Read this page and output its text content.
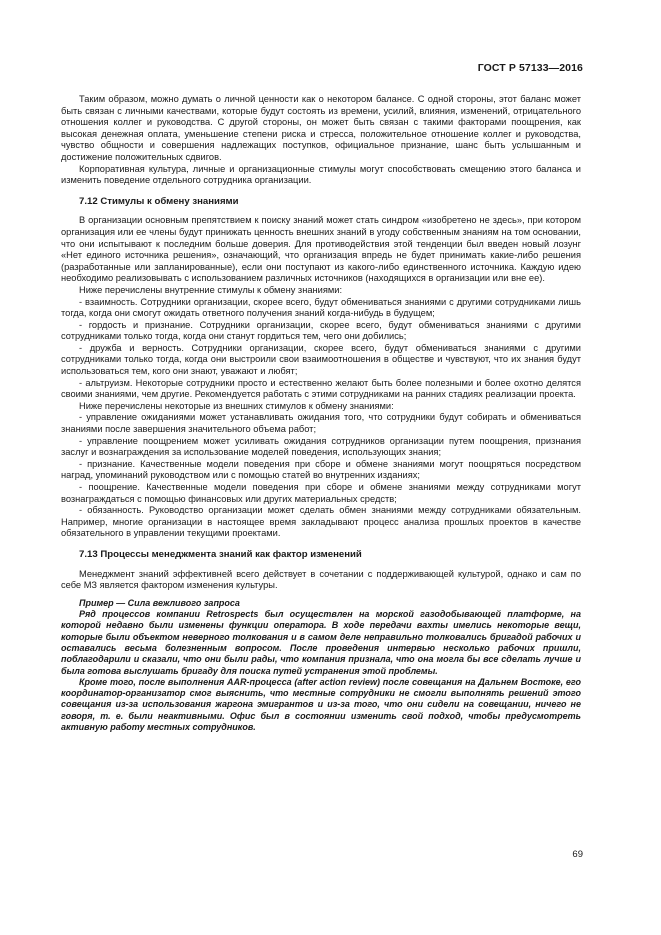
ГОСТ Р 57133—2016

Таким образом, можно думать о личной ценности как о некотором балансе. С одной стороны, этот баланс может быть связан с личными качествами, которые будут состоять из времени, усилий, влияния, изменений, отрицательного отношения коллег и руководства. С другой стороны, он может быть связан с такими факторами поощрения, как высокая денежная оплата, уменьшение степени риска и стресса, положительное отношение коллег и руководства, чувство общности и совершения надлежащих поступков, официальное признание, шанс быть услышанным и достижение положительных сдвигов.

Корпоративная культура, личные и организационные стимулы могут способствовать смещению этого баланса и изменить поведение отдельного сотрудника организации.

7.12 Стимулы к обмену знаниями

В организации основным препятствием к поиску знаний может стать синдром «изобретено не здесь», при котором организация или ее члены будут принижать ценность внешних знаний в угоду собственным знаниям на том основании, что они испытывают к последним больше доверия. Для противодействия этой тенденции был введен новый лозунг «Нет единого источника решения», означающий, что организация впредь не будет принимать какие-либо решения (разработанные или запланированные), если они поступают из какого-либо единственного источника. Каждую идею необходимо реализовывать с использованием различных источников (находящихся в организации или вне ее).

Ниже перечислены внутренние стимулы к обмену знаниями:

- взаимность. Сотрудники организации, скорее всего, будут обмениваться знаниями с другими сотрудниками лишь тогда, когда они смогут ожидать ответного получения знаний когда-нибудь в будущем;

- гордость и признание. Сотрудники организации, скорее всего, будут обмениваться знаниями с другими сотрудниками только тогда, когда они станут гордиться тем, чего они добились;

- дружба и верность. Сотрудники организации, скорее всего, будут обмениваться знаниями с другими сотрудниками только тогда, когда они выстроили свои взаимоотношения в обществе и чувствуют, что их знания будут использоваться тем, кого они знают, уважают и любят;

- альтруизм. Некоторые сотрудники просто и естественно желают быть более полезными и более охотно делятся своими знаниями, чем другие. Рекомендуется работать с этими сотрудниками на ранних стадиях реализации проекта.

Ниже перечислены некоторые из внешних стимулов к обмену знаниями:

- управление ожиданиями может устанавливать ожидания того, что сотрудники будут собирать и обмениваться знаниями после завершения значительного объема работ;

- управление поощрением может усиливать ожидания сотрудников организации путем поощрения, признания заслуг и вознаграждения за использование моделей поведения, использующих знания;

- признание. Качественные модели поведения при сборе и обмене знаниями могут поощряться посредством наград, упоминаний руководством или с помощью статей во внутренних изданиях;

- поощрение. Качественные модели поведения при сборе и обмене знаниями между сотрудниками могут вознаграждаться с помощью финансовых или других материальных средств;

- обязанность. Руководство организации может сделать обмен знаниями между сотрудниками обязательным. Например, многие организации в настоящее время закладывают процесс анализа прошлых проектов в качестве обязательного в управлении текущими проектами.

7.13 Процессы менеджмента знаний как фактор изменений

Менеджмент знаний эффективней всего действует в сочетании с поддерживающей культурой, однако и сам по себе МЗ является фактором изменения культуры.

Пример — Сила вежливого запроса

Ряд процессов компании Retrospects был осуществлен на морской газодобывающей платформе, на которой недавно были изменены функции оператора. В ходе передачи вахты имелись некоторые вещи, которые были объектом неверного толкования и в самом деле неправильно толковались бригадой рабочих и оставались весьма болезненным вопросом. После проведения интервью несколько рабочих пришли, поблагодарили и сказали, что они были рады, что компания признала, что она могла бы все сделать лучше и была готова выслушать бригаду для поиска путей устранения этой проблемы.

Кроме того, после выполнения AAR-процесса (after action review) после совещания на Дальнем Востоке, его координатор-организатор смог выяснить, что местные сотрудники не смогли выполнять решений этого совещания из-за использования жаргона эмигрантов и из-за того, что они сидели на совещании, ничего не говоря, т. е. были неактивными. Офис был в состоянии изменить свой подход, чтобы предусмотреть активную работу местных сотрудников.

69
